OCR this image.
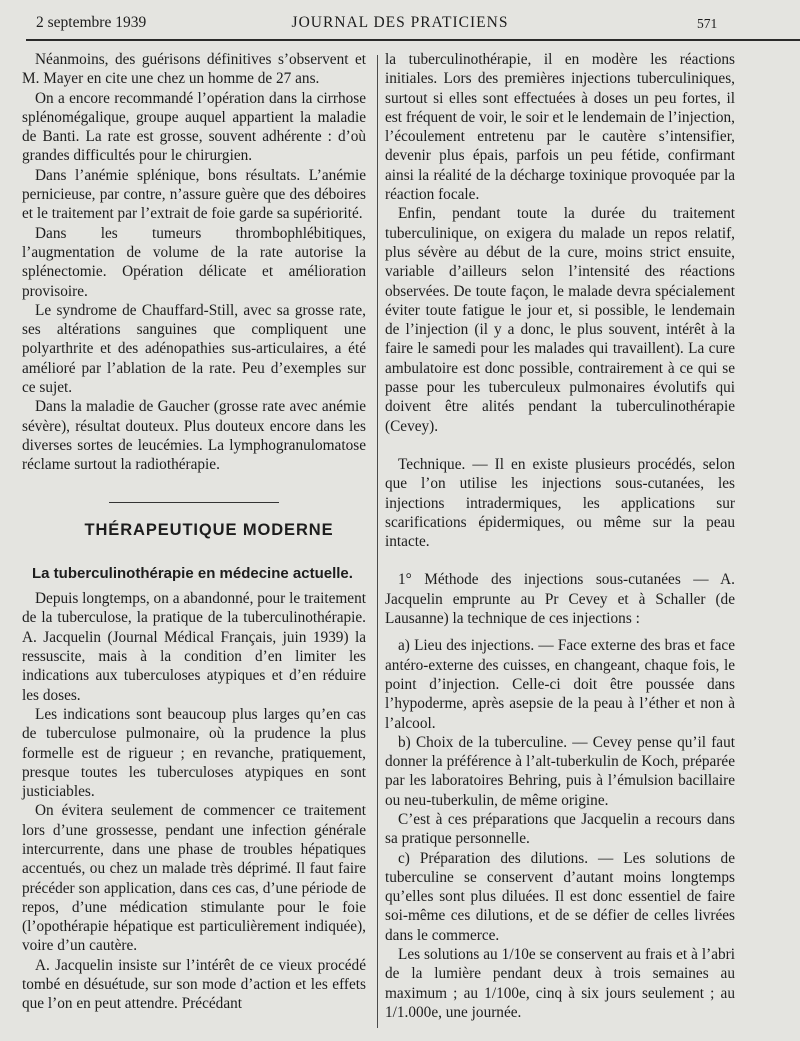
2 septembre 1939	JOURNAL DES PRATICIENS	571

Néanmoins, des guérisons définitives s’observent et M. Mayer en cite une chez un homme de 27 ans.

On a encore recommandé l’opération dans la cirrhose splénomégalique, groupe auquel appartient la maladie de Banti. La rate est grosse, souvent adhérente : d’où grandes difficultés pour le chirurgien.

Dans l’anémie splénique, bons résultats. L’anémie pernicieuse, par contre, n’assure guère que des déboires et le traitement par l’extrait de foie garde sa supériorité.

Dans les tumeurs thrombophlébitiques, l’augmentation de volume de la rate autorise la splénectomie. Opération délicate et amélioration provisoire.

Le syndrome de Chauffard-Still, avec sa grosse rate, ses altérations sanguines que compliquent une polyarthrite et des adénopathies sus-articulaires, a été amélioré par l’ablation de la rate. Peu d’exemples sur ce sujet.

Dans la maladie de Gaucher (grosse rate avec anémie sévère), résultat douteux. Plus douteux encore dans les diverses sortes de leucémies. La lymphogranulomatose réclame surtout la radiothérapie.

THÉRAPEUTIQUE MODERNE
La tuberculinothérapie en médecine actuelle.

Depuis longtemps, on a abandonné, pour le traitement de la tuberculose, la pratique de la tuberculinothérapie. A. Jacquelin (Journal Médical Français, juin 1939) la ressuscite, mais à la condition d’en limiter les indications aux tuberculoses atypiques et d’en réduire les doses.

Les indications sont beaucoup plus larges qu’en cas de tuberculose pulmonaire, où la prudence la plus formelle est de rigueur ; en revanche, pratiquement, presque toutes les tuberculoses atypiques en sont justiciables.

On évitera seulement de commencer ce traitement lors d’une grossesse, pendant une infection générale intercurrente, dans une phase de troubles hépatiques accentués, ou chez un malade très déprimé. Il faut faire précéder son application, dans ces cas, d’une période de repos, d’une médication stimulante pour le foie (l’opothérapie hépatique est particulièrement indiquée), voire d’un cautère.

A. Jacquelin insiste sur l’intérêt de ce vieux procédé tombé en désuétude, sur son mode d’action et les effets que l’on en peut attendre. Précédant

la tuberculinothérapie, il en modère les réactions initiales. Lors des premières injections tuberculiniques, surtout si elles sont effectuées à doses un peu fortes, il est fréquent de voir, le soir et le lendemain de l’injection, l’écoulement entretenu par le cautère s’intensifier, devenir plus épais, parfois un peu fétide, confirmant ainsi la réalité de la décharge toxinique provoquée par la réaction focale.

Enfin, pendant toute la durée du traitement tuberculinique, on exigera du malade un repos relatif, plus sévère au début de la cure, moins strict ensuite, variable d’ailleurs selon l’intensité des réactions observées. De toute façon, le malade devra spécialement éviter toute fatigue le jour et, si possible, le lendemain de l’injection (il y a donc, le plus souvent, intérêt à la faire le samedi pour les malades qui travaillent). La cure ambulatoire est donc possible, contrairement à ce qui se passe pour les tuberculeux pulmonaires évolutifs qui doivent être alités pendant la tuberculinothérapie (Cevey).

Technique. — Il en existe plusieurs procédés, selon que l’on utilise les injections sous-cutanées, les injections intradermiques, les applications sur scarifications épidermiques, ou même sur la peau intacte.

1° Méthode des injections sous-cutanées — A. Jacquelin emprunte au Pr Cevey et à Schaller (de Lausanne) la technique de ces injections :

a) Lieu des injections. — Face externe des bras et face antéro-externe des cuisses, en changeant, chaque fois, le point d’injection. Celle-ci doit être poussée dans l’hypoderme, après asepsie de la peau à l’éther et non à l’alcool.

b) Choix de la tuberculine. — Cevey pense qu’il faut donner la préférence à l’alt-tuberkulin de Koch, préparée par les laboratoires Behring, puis à l’émulsion bacillaire ou neu-tuberkulin, de même origine.

C’est à ces préparations que Jacquelin a recours dans sa pratique personnelle.

c) Préparation des dilutions. — Les solutions de tuberculine se conservent d’autant moins longtemps qu’elles sont plus diluées. Il est donc essentiel de faire soi-même ces dilutions, et de se défier de celles livrées dans le commerce.

Les solutions au 1/10e se conservent au frais et à l’abri de la lumière pendant deux à trois semaines au maximum ; au 1/100e, cinq à six jours seulement ; au 1/1.000e, une journée.
